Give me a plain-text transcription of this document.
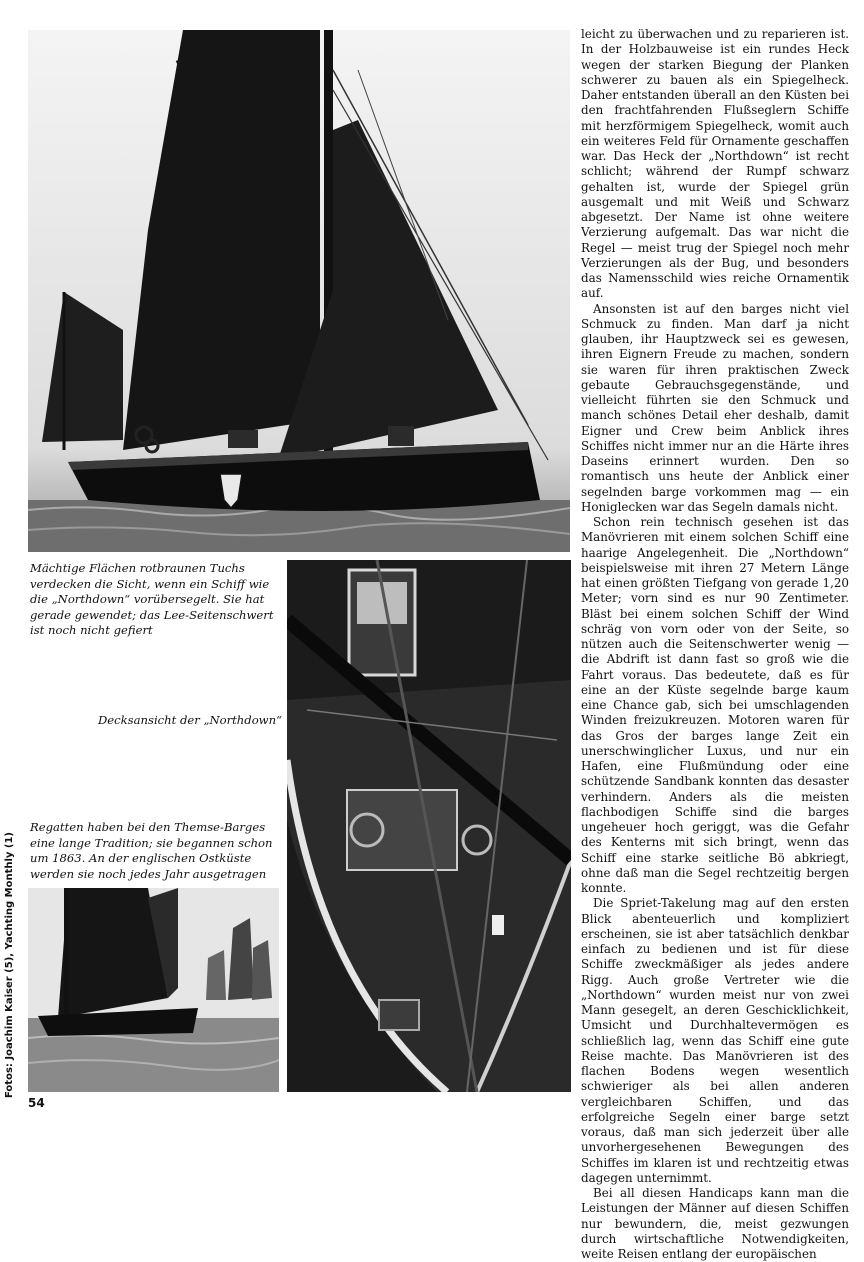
Mächtige Flächen rotbraunen Tuchs verdecken die Sicht, wenn ein Schiff wie die „Northdown“ vorübersegelt. Sie hat gerade gewendet; das Lee-Seitenschwert ist noch nicht gefiert

Decksansicht der „Northdown“

Regatten haben bei den Themse-Barges eine lange Tradition; sie begannen schon um 1863. An der englischen Ostküste werden sie noch jedes Jahr ausgetragen

Fotos: Joachim Kaiser (5), Yachting Monthly (1)
54

leicht zu überwachen und zu reparieren ist. In der Holzbauweise ist ein rundes Heck wegen der starken Biegung der Planken schwerer zu bauen als ein Spiegelheck. Daher entstanden überall an den Küsten bei den frachtfahrenden Flußseglern Schiffe mit herzförmigem Spiegelheck, womit auch ein weiteres Feld für Ornamente geschaffen war. Das Heck der „Northdown“ ist recht schlicht; während der Rumpf schwarz gehalten ist, wurde der Spiegel grün ausgemalt und mit Weiß und Schwarz abgesetzt. Der Name ist ohne weitere Verzierung aufgemalt. Das war nicht die Regel — meist trug der Spiegel noch mehr Verzierungen als der Bug, und besonders das Namensschild wies reiche Ornamentik auf.

Ansonsten ist auf den barges nicht viel Schmuck zu finden. Man darf ja nicht glauben, ihr Hauptzweck sei es gewesen, ihren Eignern Freude zu machen, sondern sie waren für ihren praktischen Zweck gebaute Gebrauchsgegenstände, und vielleicht führten sie den Schmuck und manch schönes Detail eher deshalb, damit Eigner und Crew beim Anblick ihres Schiffes nicht immer nur an die Härte ihres Daseins erinnert wurden. Den so romantisch uns heute der Anblick einer segelnden barge vorkommen mag — ein Honiglecken war das Segeln damals nicht.

Schon rein technisch gesehen ist das Manövrieren mit einem solchen Schiff eine haarige Angelegenheit. Die „Northdown“ beispielsweise mit ihren 27 Metern Länge hat einen größten Tiefgang von gerade 1,20 Meter; vorn sind es nur 90 Zentimeter. Bläst bei einem solchen Schiff der Wind schräg von vorn oder von der Seite, so nützen auch die Seitenschwerter wenig — die Abdrift ist dann fast so groß wie die Fahrt voraus. Das bedeutete, daß es für eine an der Küste segelnde barge kaum eine Chance gab, sich bei umschlagenden Winden freizukreuzen. Motoren waren für das Gros der barges lange Zeit ein unerschwinglicher Luxus, und nur ein Hafen, eine Flußmündung oder eine schützende Sandbank konnten das desaster verhindern. Anders als die meisten flachbodigen Schiffe sind die barges ungeheuer hoch geriggt, was die Gefahr des Kenterns mit sich bringt, wenn das Schiff eine starke seitliche Bö abkriegt, ohne daß man die Segel rechtzeitig bergen konnte.

Die Spriet-Takelung mag auf den ersten Blick abenteuerlich und kompliziert erscheinen, sie ist aber tatsächlich denkbar einfach zu bedienen und ist für diese Schiffe zweckmäßiger als jedes andere Rigg. Auch große Vertreter wie die „Northdown“ wurden meist nur von zwei Mann gesegelt, an deren Geschicklichkeit, Umsicht und Durchhaltevermögen es schließlich lag, wenn das Schiff eine gute Reise machte. Das Manövrieren ist des flachen Bodens wegen wesentlich schwieriger als bei allen anderen vergleichbaren Schiffen, und das erfolgreiche Segeln einer barge setzt voraus, daß man sich jederzeit über alle unvorhergesehenen Bewegungen des Schiffes im klaren ist und rechtzeitig etwas dagegen unternimmt.

Bei all diesen Handicaps kann man die Leistungen der Männer auf diesen Schiffen nur bewundern, die, meist gezwungen durch wirtschaftliche Notwendigkeiten, weite Reisen entlang der europäischen
